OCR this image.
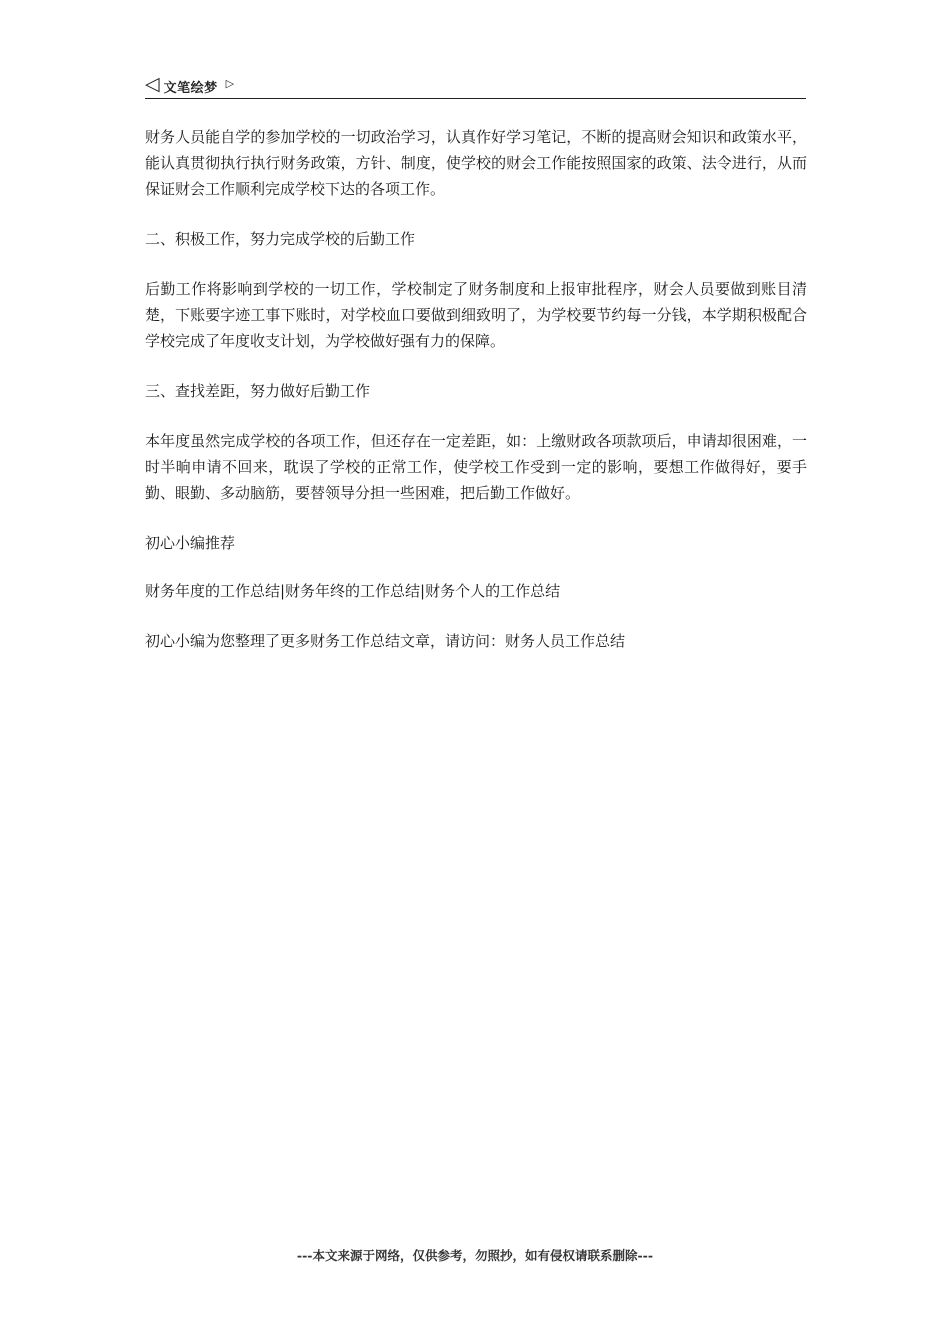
◁ 文笔绘梦 ▷

财务人员能自学的参加学校的一切政治学习，认真作好学习笔记，不断的提高财会知识和政策水平，能认真贯彻执行执行财务政策，方针、制度，使学校的财会工作能按照国家的政策、法令进行，从而保证财会工作顺利完成学校下达的各项工作。

二、积极工作，努力完成学校的后勤工作

后勤工作将影响到学校的一切工作，学校制定了财务制度和上报审批程序，财会人员要做到账目清楚，下账要字迹工事下账时，对学校血口要做到细致明了，为学校要节约每一分钱，本学期积极配合学校完成了年度收支计划，为学校做好强有力的保障。

三、查找差距，努力做好后勤工作

本年度虽然完成学校的各项工作，但还存在一定差距，如：上缴财政各项款项后，申请却很困难，一时半晌申请不回来，耽误了学校的正常工作，使学校工作受到一定的影响，要想工作做得好，要手勤、眼勤、多动脑筋，要替领导分担一些困难，把后勤工作做好。

初心小编推荐

财务年度的工作总结|财务年终的工作总结|财务个人的工作总结

初心小编为您整理了更多财务工作总结文章，请访问：财务人员工作总结

---本文来源于网络，仅供参考，勿照抄，如有侵权请联系删除---
